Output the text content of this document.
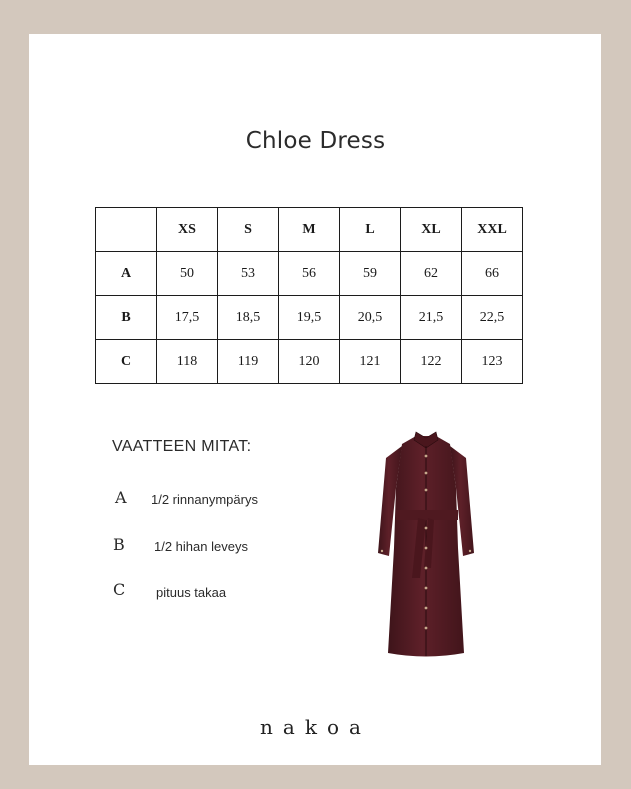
Chloe Dress
	XS	S	M	L	XL	XXL
A	50	53	56	59	62	66
B	17,5	18,5	19,5	20,5	21,5	22,5
C	118	119	120	121	122	123
VAATTEEN MITAT:
A 1/2 rinnanympärys
B 1/2 hihan leveys
C pituus takaa
nakoa
